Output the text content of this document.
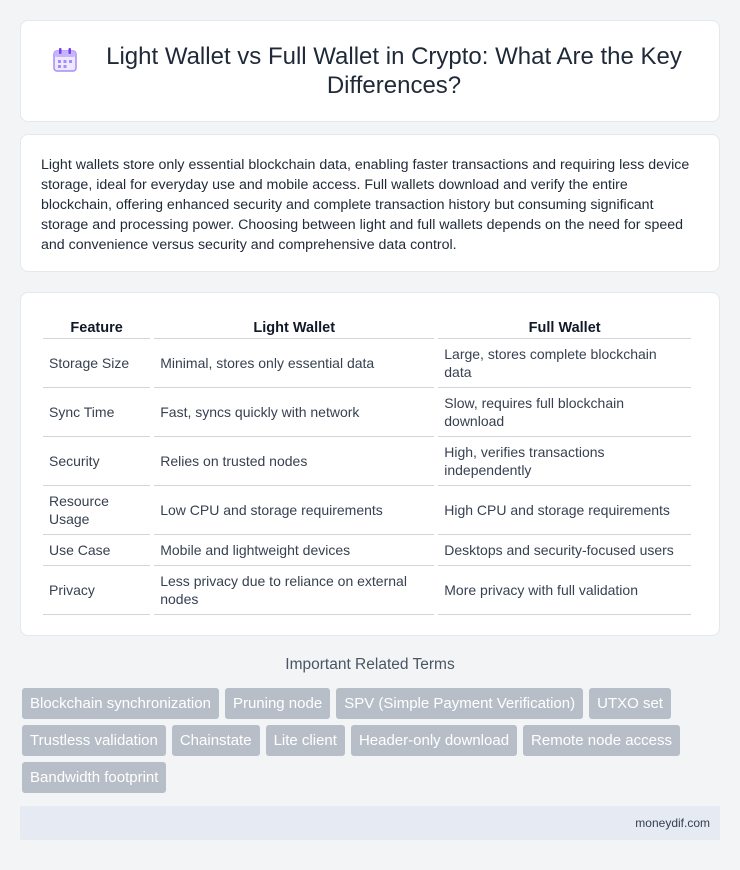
Light Wallet vs Full Wallet in Crypto: What Are the Key Differences?

Light wallets store only essential blockchain data, enabling faster transactions and requiring less device storage, ideal for everyday use and mobile access. Full wallets download and verify the entire blockchain, offering enhanced security and complete transaction history but consuming significant storage and processing power. Choosing between light and full wallets depends on the need for speed and convenience versus security and comprehensive data control.

Feature	Light Wallet	Full Wallet
Storage Size	Minimal, stores only essential data	Large, stores complete blockchain data
Sync Time	Fast, syncs quickly with network	Slow, requires full blockchain download
Security	Relies on trusted nodes	High, verifies transactions independently
Resource Usage	Low CPU and storage requirements	High CPU and storage requirements
Use Case	Mobile and lightweight devices	Desktops and security-focused users
Privacy	Less privacy due to reliance on external nodes	More privacy with full validation
Important Related Terms
Blockchain synchronization	Pruning node	SPV (Simple Payment Verification)	UTXO set
Trustless validation	Chainstate	Lite client	Header-only download	Remote node access
Bandwidth footprint
moneydif.com
